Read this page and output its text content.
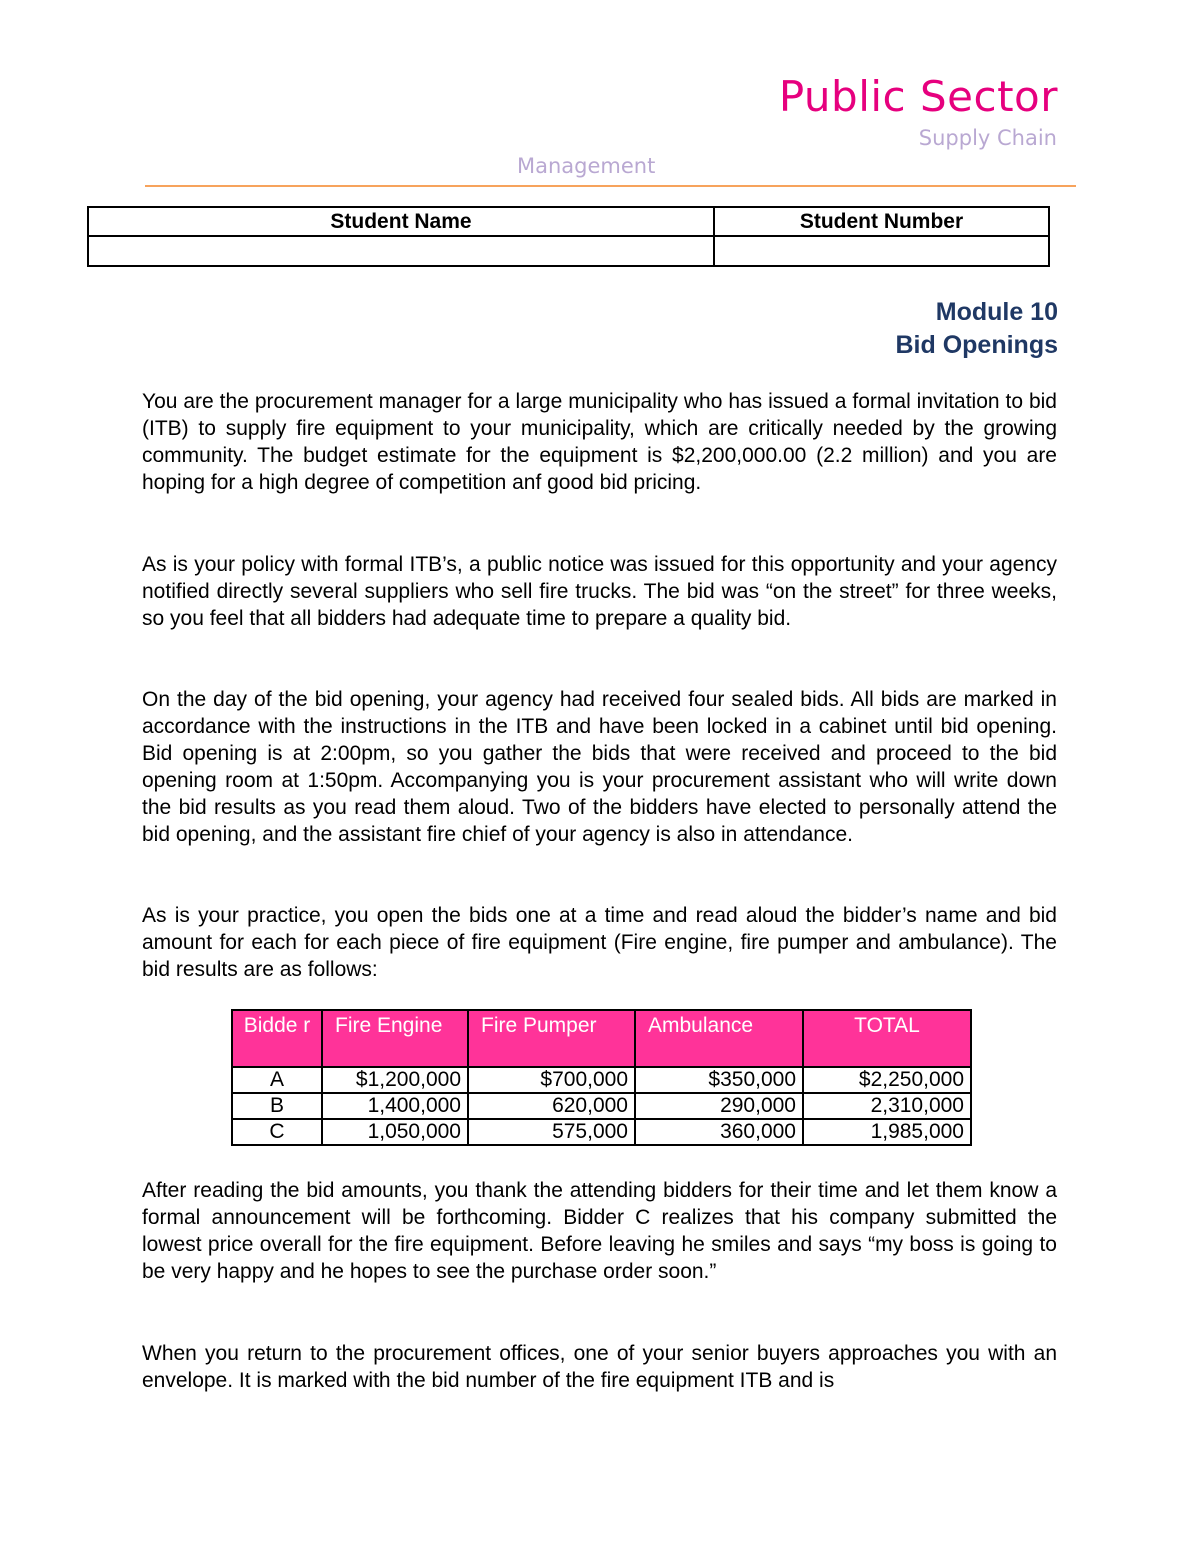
Public Sector
Supply Chain
Management
Student Name	Student Number

Module 10
Bid Openings

You are the procurement manager for a large municipality who has issued a formal invitation to bid (ITB) to supply fire equipment to your municipality, which are critically needed by the growing community. The budget estimate for the equipment is $2,200,000.00 (2.2 million) and you are hoping for a high degree of competition anf good bid pricing.

As is your policy with formal ITB’s, a public notice was issued for this opportunity and your agency notified directly several suppliers who sell fire trucks. The bid was “on the street” for three weeks, so you feel that all bidders had adequate time to prepare a quality bid.

On the day of the bid opening, your agency had received four sealed bids. All bids are marked in accordance with the instructions in the ITB and have been locked in a cabinet until bid opening. Bid opening is at 2:00pm, so you gather the bids that were received and proceed to the bid opening room at 1:50pm. Accompanying you is your procurement assistant who will write down the bid results as you read them aloud. Two of the bidders have elected to personally attend the bid opening, and the assistant fire chief of your agency is also in attendance.

As is your practice, you open the bids one at a time and read aloud the bidder’s name and bid amount for each for each piece of fire equipment (Fire engine, fire pumper and ambulance). The bid results are as follows:

Bidde r	Fire Engine	Fire Pumper	Ambulance	TOTAL
A	$1,200,000	$700,000	$350,000	$2,250,000
B	1,400,000	620,000	290,000	2,310,000
C	1,050,000	575,000	360,000	1,985,000

After reading the bid amounts, you thank the attending bidders for their time and let them know a formal announcement will be forthcoming. Bidder C realizes that his company submitted the lowest price overall for the fire equipment. Before leaving he smiles and says “my boss is going to be very happy and he hopes to see the purchase order soon.”

When you return to the procurement offices, one of your senior buyers approaches you with an envelope. It is marked with the bid number of the fire equipment ITB and is
